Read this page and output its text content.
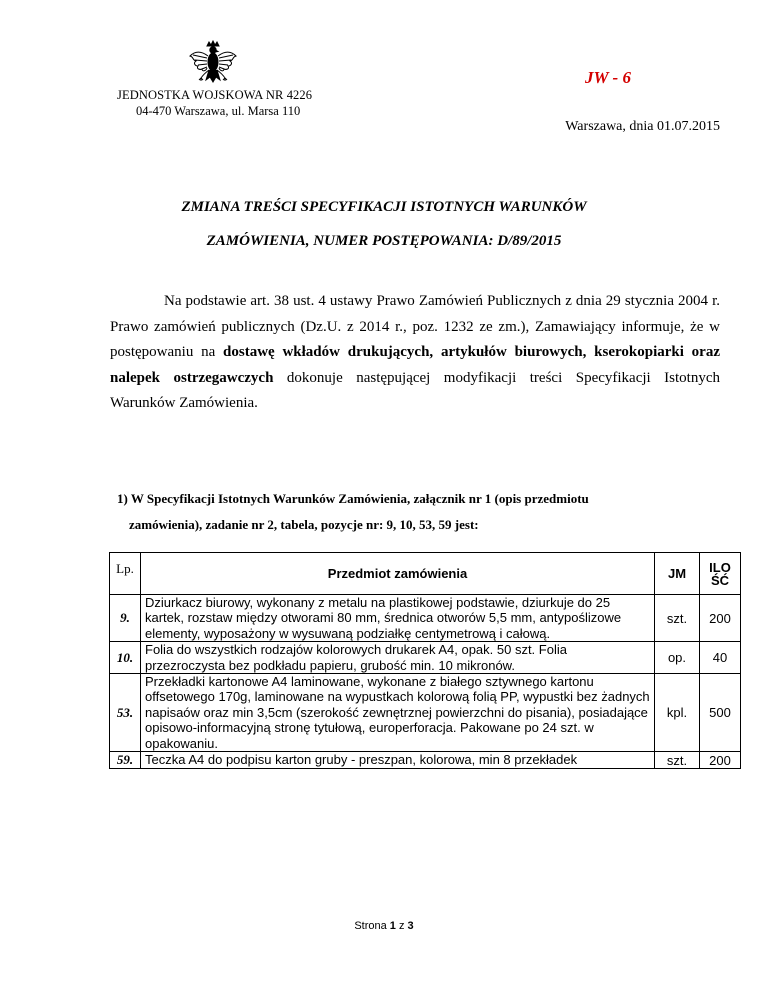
JEDNOSTKA WOJSKOWA NR 4226
04-470 Warszawa, ul. Marsa 110
JW - 6
Warszawa, dnia 01.07.2015
ZMIANA TREŚCI SPECYFIKACJI ISTOTNYCH WARUNKÓW
ZAMÓWIENIA, NUMER POSTĘPOWANIA: D/89/2015
Na podstawie art. 38 ust. 4 ustawy Prawo Zamówień Publicznych z dnia 29 stycznia 2004 r. Prawo zamówień publicznych (Dz.U. z 2014 r., poz. 1232 ze zm.), Zamawiający informuje, że w postępowaniu na dostawę wkładów drukujących, artykułów biurowych, kserokopiarki oraz nalepek ostrzegawczych dokonuje następującej modyfikacji treści Specyfikacji Istotnych Warunków Zamówienia.
1) W Specyfikacji Istotnych Warunków Zamówienia, załącznik nr 1 (opis przedmiotu
zamówienia), zadanie nr 2, tabela, pozycje nr: 9, 10, 53, 59 jest:
Lp.	Przedmiot zamówienia	JM	ILO
ŚĆ
9.	Dziurkacz biurowy, wykonany z metalu na plastikowej podstawie, dziurkuje do 25 kartek, rozstaw między otworami 80 mm, średnica otworów 5,5 mm, antypoślizowe elementy, wyposażony w wysuwaną podziałkę centymetrową i całową.	szt.	200
10.	Folia do wszystkich rodzajów kolorowych drukarek A4, opak. 50 szt. Folia przezroczysta bez podkładu papieru, grubość min. 10 mikronów.	op.	40
53.	Przekładki kartonowe A4 laminowane, wykonane z białego sztywnego kartonu offsetowego 170g, laminowane na wypustkach kolorową folią PP, wypustki bez żadnych napisaów oraz min 3,5cm (szerokość zewnętrznej powierzchni do pisania), posiadające opisowo-informacyjną stronę tytułową, europerforacja. Pakowane po 24 szt. w opakowaniu.	kpl.	500
59.	Teczka A4 do podpisu karton gruby - preszpan, kolorowa, min 8 przekładek	szt.	200
Strona 1 z 3
